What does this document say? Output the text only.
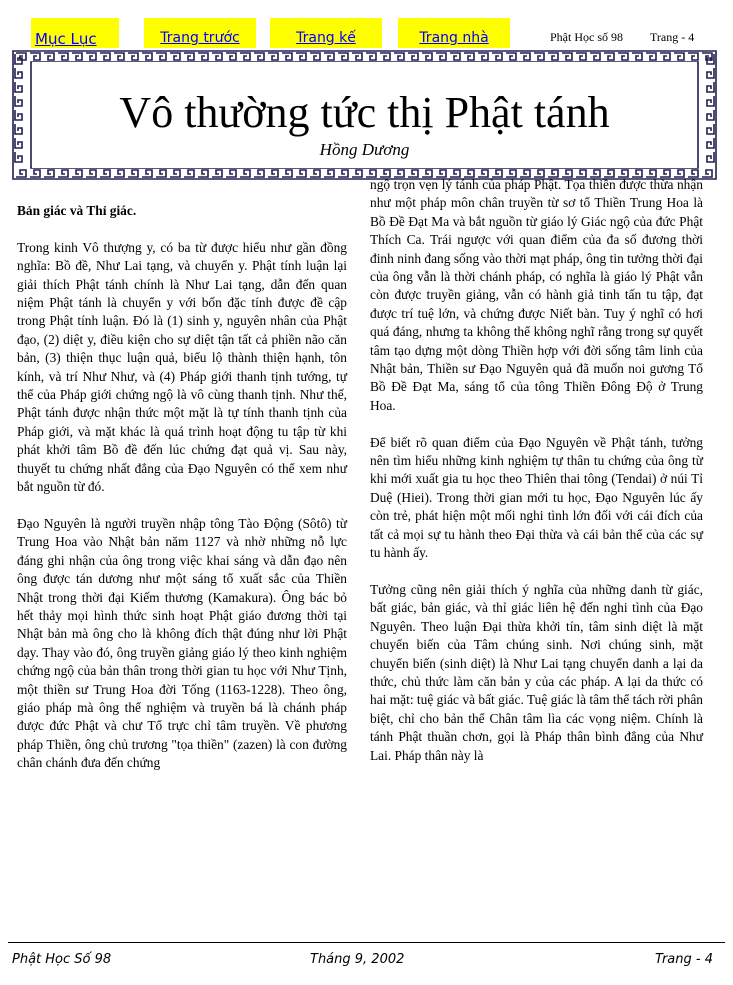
Mục Lục	Trang trước	Trang kế	Trang nhà	Phật Học số 98 Trang - 4
Vô thường tức thị Phật tánh
Hồng Dương
Bản giác và Thỉ giác.

Trong kinh Vô thượng y, có ba từ được hiểu như gần đồng nghĩa: Bồ đề, Như Lai tạng, và chuyển y. Phật tính luận lại giải thích Phật tánh chính là Như Lai tạng, dẫn đến quan niệm Phật tánh là chuyển y với bốn đặc tính được đề cập trong Phật tính luận. Đó là (1) sinh y, nguyên nhân của Phật đạo, (2) diệt y, điều kiện cho sự diệt tận tất cả phiền não căn bản, (3) thiện thục luận quả, biểu lộ thành thiện hạnh, tôn kính, và trí Như Như, và (4) Pháp giới thanh tịnh tướng, tự thể của Pháp giới chứng ngộ là vô cùng thanh tịnh. Như thế, Phật tánh được nhận thức một mặt là tự tính thanh tịnh của Pháp giới, và mặt khác là quá trình hoạt động tu tập từ khi phát khởi tâm Bồ đề đến lúc chứng đạt quả vị. Sau này, thuyết tu chứng nhất đẳng của Đạo Nguyên có thể xem như bắt nguồn từ đó.

Đạo Nguyên là người truyền nhập tông Tào Động (Sôtô) từ Trung Hoa vào Nhật bản năm 1127 và nhờ những nỗ lực đáng ghi nhận của ông trong việc khai sáng và dẫn đạo nên ông được tán dương như một sáng tổ xuất sắc của Thiền Nhật trong thời đại Kiếm thương (Kamakura). Ông bác bỏ hết thảy mọi hình thức sinh hoạt Phật giáo đương thời tại Nhật bản mà ông cho là không đích thật đúng như lời Phật dạy. Thay vào đó, ông truyền giảng giáo lý theo kinh nghiệm chứng ngộ của bản thân trong thời gian tu học với Như Tịnh, một thiền sư Trung Hoa đời Tống (1163-1228). Theo ông, giáo pháp mà ông thể nghiệm và truyền bá là chánh pháp được đức Phật và chư Tổ trực chỉ tâm truyền. Về phương pháp Thiền, ông chủ trương "tọa thiền" (zazen) là con đường chân chánh đưa đến chứng

ngộ trọn vẹn lý tánh của pháp Phật. Tọa thiền được thừa nhận như một pháp môn chân truyền từ sơ tổ Thiền Trung Hoa là Bồ Đề Đạt Ma và bắt nguồn từ giáo lý Giác ngộ của đức Phật Thích Ca. Trái ngược với quan điểm của đa số đương thời đinh ninh đang sống vào thời mạt pháp, ông tin tưởng thời đại của ông vẫn là thời chánh pháp, có nghĩa là giáo lý Phật vẫn còn được truyền giảng, vẫn có hành giả tinh tấn tu tập, đạt được trí tuệ lớn, và chứng được Niết bàn. Tuy ý nghĩ có hơi quá đáng, nhưng ta không thể không nghĩ rằng trong sự quyết tâm tạo dựng một dòng Thiền hợp với đời sống tâm linh của Nhật bản, Thiền sư Đạo Nguyên quả đã muốn noi gương Tổ Bồ Đề Đạt Ma, sáng tổ của tông Thiền Đông Độ ở Trung Hoa.

Để biết rõ quan điểm của Đạo Nguyên về Phật tánh, tưởng nên tìm hiểu những kinh nghiệm tự thân tu chứng của ông từ khi mới xuất gia tu học theo Thiên thai tông (Tendai) ở núi Tỉ Duệ (Hiei). Trong thời gian mới tu học, Đạo Nguyên lúc ấy còn trẻ, phát hiện một mối nghi tình lớn đối với cái đích của tất cả mọi sự tu hành theo Đại thừa và cái bản thể của các sự tu hành ấy.

Tưởng cũng nên giải thích ý nghĩa của những danh từ giác, bất giác, bản giác, và thỉ giác liên hệ đến nghi tình của Đạo Nguyên. Theo luận Đại thừa khởi tín, tâm sinh diệt là mặt chuyển biến của Tâm chúng sinh. Nơi chúng sinh, mặt chuyển biến (sinh diệt) là Như Lai tạng chuyển danh a lại da thức, chủ thức làm căn bản y của các pháp. A lại da thức có hai mặt: tuệ giác và bất giác. Tuệ giác là tâm thể tách rời phân biệt, chỉ cho bản thể Chân tâm lìa các vọng niệm. Chính là tánh Phật thuần chơn, gọi là Pháp thân bình đẳng của Như Lai. Pháp thân này là

Phật Học Số 98	Tháng 9, 2002	Trang - 4
